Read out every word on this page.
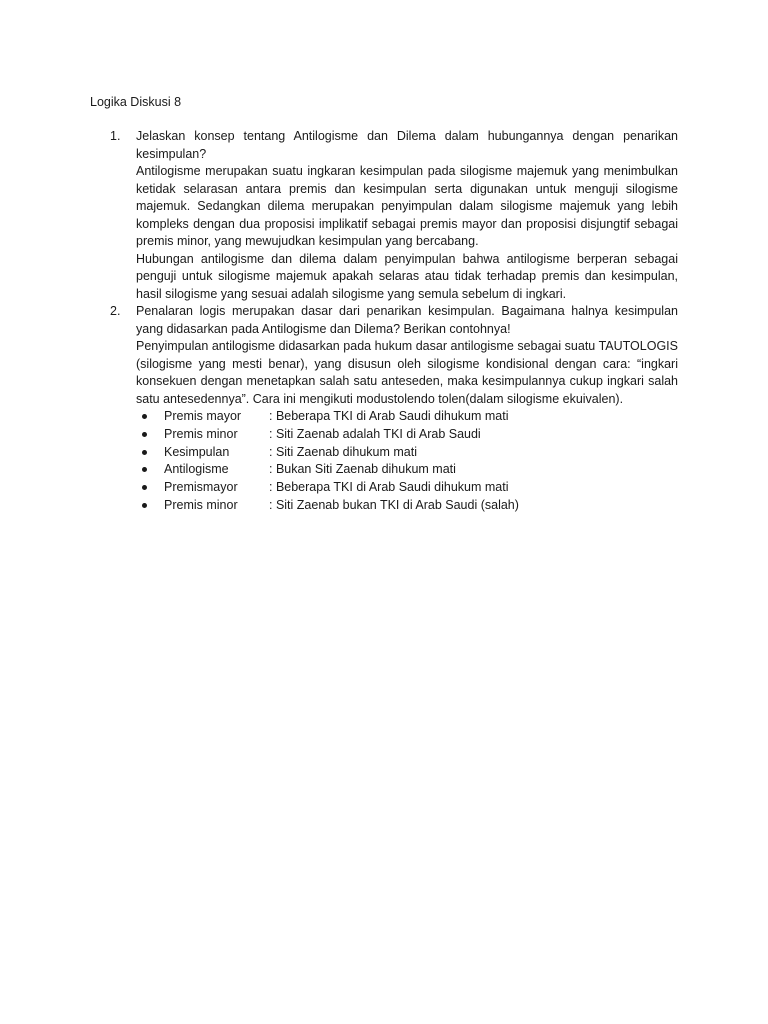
Logika Diskusi 8
1.	Jelaskan konsep tentang Antilogisme dan Dilema dalam hubungannya dengan penarikan

kesimpulan?

Antilogisme merupakan suatu ingkaran kesimpulan pada silogisme majemuk yang menimbulkan ketidak selarasan antara premis dan kesimpulan serta digunakan untuk menguji silogisme majemuk. Sedangkan dilema merupakan penyimpulan dalam silogisme majemuk yang lebih kompleks dengan dua proposisi implikatif sebagai premis mayor dan proposisi disjungtif sebagai premis minor, yang mewujudkan kesimpulan yang bercabang.

Hubungan antilogisme dan dilema dalam penyimpulan bahwa antilogisme berperan sebagai penguji untuk silogisme majemuk apakah selaras atau tidak terhadap premis dan kesimpulan, hasil silogisme yang sesuai adalah silogisme yang semula sebelum di ingkari.

2.	Penalaran logis merupakan dasar dari penarikan kesimpulan. Bagaimana halnya kesimpulan

yang didasarkan pada Antilogisme dan Dilema? Berikan contohnya!

Penyimpulan antilogisme didasarkan pada hukum dasar antilogisme sebagai suatu TAUTOLOGIS (silogisme yang mesti benar), yang disusun oleh silogisme kondisional dengan cara: “ingkari konsekuen dengan menetapkan salah satu anteseden, maka kesimpulannya cukup ingkari salah satu antesedennya”. Cara ini mengikuti modustolendo tolen(dalam silogisme ekuivalen).

Premis mayor	: Beberapa TKI di Arab Saudi dihukum mati
Premis minor	: Siti Zaenab adalah TKI di Arab Saudi
Kesimpulan	: Siti Zaenab dihukum mati
Antilogisme	: Bukan Siti Zaenab dihukum mati
Premismayor	: Beberapa TKI di Arab Saudi dihukum mati
Premis minor	: Siti Zaenab bukan TKI di Arab Saudi (salah)
